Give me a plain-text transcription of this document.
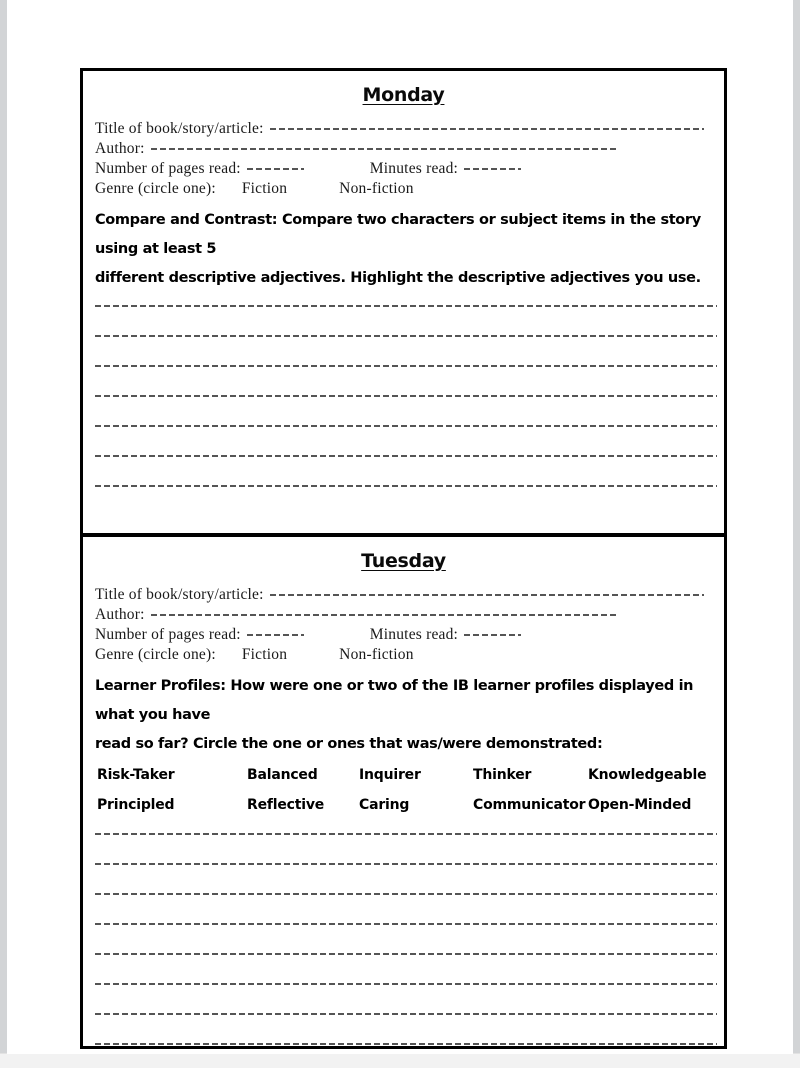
Monday
Title of book/story/article:
Author:
Number of pages read:	Minutes read:
Genre (circle one): Fiction	Non-fiction
Compare and Contrast: Compare two characters or subject items in the story using at least 5
different descriptive adjectives. Highlight the descriptive adjectives you use.
Tuesday
Title of book/story/article:
Author:
Number of pages read:	Minutes read:
Genre (circle one): Fiction	Non-fiction
Learner Profiles: How were one or two of the IB learner profiles displayed in what you have
read so far? Circle the one or ones that was/were demonstrated:
Risk-Taker	Balanced	Inquirer	Thinker	Knowledgeable
Principled	Reflective	Caring	Communicator	Open-Minded
